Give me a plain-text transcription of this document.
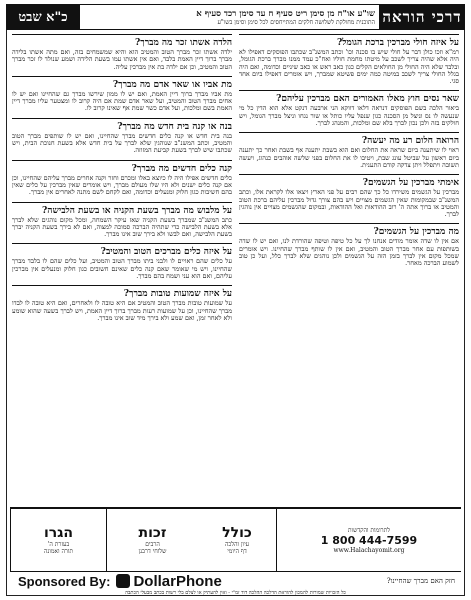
כ"א שבט	שו"ע או"ח מן סימן ריט סעיף ח עד סימן רכד סעיף א
התוכנית מחולקת לשלושה חלקים המתייחסים לכל סימן וסימן בשו"ע דרכי הוראה
על איזה חולי מברכין ברכת הגומל?
רמ"א וזכו כולן דבר על חולי שיש בו סכנה וכו' וכתב המשנ"ב שכתבו הפוסקים דאפילו לא היה אלא שהיה צריך לשכב על מיטתו מחמת חוליו ואח"כ עמד ממנו מברך ברכת הגומל, ובלבד שלא היה החולי מן החולאים הקלים כגון כאב ראש או כאב שיניים וכדומה, ואם היה בגלל החולי צריך לשכב במיטה כמה ימים פשיטא שמברך, ויש אומרים דאפילו ביום אחד סגי.
שאר נסים חוץ מאלו האמורים האם מברכין עליהם?
ביאור הלכה בשם הפוסקים דנראה דלאו דווקא הני ארבעה דנקט אלא הוא הדין כל מי שנעשה לו נס וניצל מן הסכנה כגון שנפל עליו כותל או שור נגחו וניצל מברך הגומל, ויש חולקים בזה ולכן נכון לברך בלא שם ומלכות, והמנהג לברך.
הרואה חלום רע מה יעשה?
ראוי לו שיתענה ביום שראה את החלום ואם הוא בשבת יתענה אף בשבת ואחר כך יתענה ביום ראשון על שביטל עונג שבת, ויטיבו לו את החלום בפני שלשה אוהבים כנהוג, ויעשה תשובה ויתפלל ויתן צדקה קודם התענית.
אימתי מברכין על הגשמים?
מברכין על הגשמים משירדו כל כך שהם רבים על פני הארץ ויצאו אלו לקראת אלו, וכתב המשנ"ב שבמקומות שאין הגשמים מצויים ויש בהם צורך גדול מברכין עליהם ברכת הטוב והמטיב או ברוך אתה ה' רוב ההודאות ואל ההודאות, ובמקום שהגשמים מצויים אין נוהגין לברך.
מה מברכין על הגשמים?
אם אין לו שדה אומר מודים אנחנו לך על כל טיפה וטיפה שהורדת לנו, ואם יש לו שדה בשותפות עם אחר מברך הטוב והמטיב, ואם אין לו שותף מברך שהחיינו. ויש אומרים שמכל מקום אין לברך בזמן הזה על הגשמים ולכן נוהגים שלא לברך כלל, ועל כן טוב לשמוע הברכה מאחר.
הלדה אשתו זכר מה מברך?
ילדה אשתו זכר מברך הטוב והמטיב הוא והיא שמשמחים בזה, ואם מתה אשתו בלידה מברך ברוך דיין האמת בלבד, ואם אין אשתו עמו בשעת הלידה ושמע שנולד לו זכר מברך הטוב והמטיב, וכן אם ילדה בת אין מברכין עליה.
מת אביו או שאר אדם מה מברך?
מת אביו מברך ברוך דיין האמת, ואם יש לו ממון שירשו מברך גם שהחיינו ואם יש לו אחים מברך הטוב והמטיב, ועל שאר אדם שמת אם היה קרוב לו ומצטער עליו מברך דיין האמת בשם ומלכות, ועל אדם כשר שמת אף שאינו קרוב לו.
בנה או קנה בית חדש מה מברך?
בנה בית חדש או קנה כלים חדשים מברך שהחיינו, ואם יש לו שותפים מברך הטוב והמטיב, וכתב המשנ"ב שנוהגין שלא לברך על בית חדש אלא בשעת חנוכת הבית, ויש שכתבו שיש לברך בשעת קביעת המזוזה.
קנה כלים חדשים מה מברך?
כלים חדשים אפילו היה לו כיוצא באלו ומכרם וחזר וקנה אחרים מברך עליהם שהחיינו, וכן אם קנה כלים ישנים ולא היו שלו מעולם מברך, ויש אומרים שאין מברכין על כלים שאין בהם חשיבות כגון חלוק ומנעלים וכדומה, ואם לקחם לשם מתנה לאחרים אין מברך.
על מלבוש מה מברך בשעת הקניה או בשעת הלבישה?
כתב המשנ"ב שמברך בשעת הקניה שאז עיקר השמחה, ומכל מקום נוהגים שלא לברך אלא בשעת הלבישה כדי שתהיה הברכה סמוכה למצוה, ואם לא בירך בשעת הקניה יברך בשעת הלבישה, ואם לבשו ולא בירך שוב אינו מברך.
על איזה כלים מברכים הטוב והמטיב?
על כלים שהם ראויים לו ולבני ביתו מברך הטוב והמטיב, ועל כלים שהם לו בלבד מברך שהחיינו, ויש מי שאומר שאם קנה כלים שאינם חשובים כגון חלוק ומנעלים אין מברכין עליהם, ואם הוא עני ושמח בהם מברך.
על איזה שמועות טובות מברך?
על שמועות טובות מברך הטוב והמטיב אם היא טובה לו ולאחרים, ואם היא טובה לו לבדו מברך שהחיינו, וכן על שמועות רעות מברך ברוך דיין האמת, ויש לברך בשעה שהוא שומע ולא לאחר זמן, ואם שמע ולא בירך מיד שוב אינו מברך.
לתרומות והקדשות
1 800 444-7599
www.Halachayomit.org
כולל
עיון והלכה
דף היומי
זכות
הרבים
שלוחי דרבנן
הגרו
בעזרת ה'
תורה ואמונה
Sponsored By: DollarPhone	חזק האם מברך שהחיינו?
כל הזכויות שמורות להמכון להוראת הדלכה ההלכה דוד זמ"י - ואין להעתיק או לצלם בלי רשות בכתב מבעלי הכתבה
